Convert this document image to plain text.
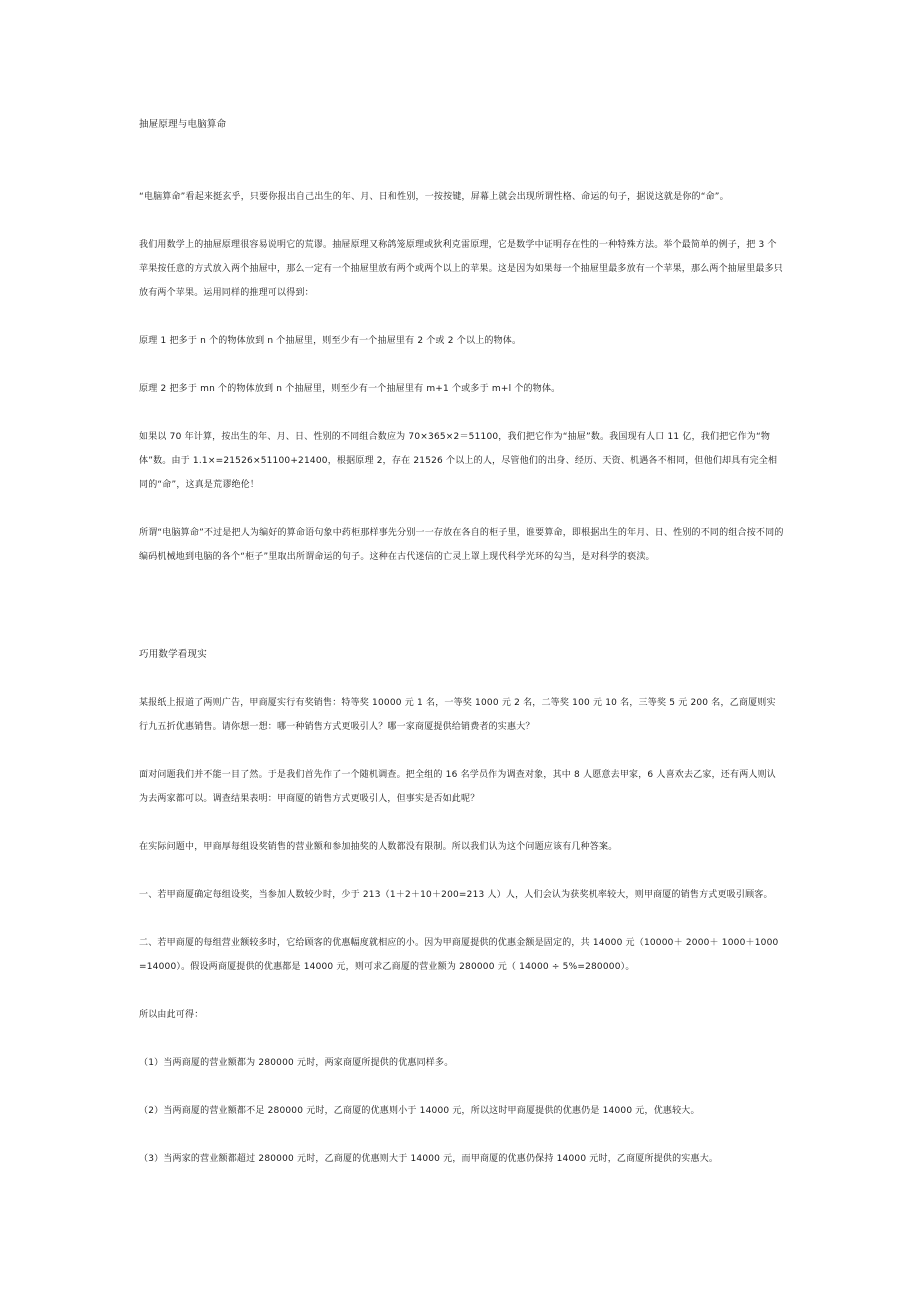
抽屉原理与电脑算命
“电脑算命”看起来挺玄乎，只要你报出自己出生的年、月、日和性别，一按按键，屏幕上就会出现所谓性格、命运的句子，据说这就是你的“命”。
我们用数学上的抽屉原理很容易说明它的荒谬。抽屉原理又称鸽笼原理或狄利克雷原理，它是数学中证明存在性的一种特殊方法。举个最简单的例子，把 3 个苹果按任意的方式放入两个抽屉中，那么一定有一个抽屉里放有两个或两个以上的苹果。这是因为如果每一个抽屉里最多放有一个苹果，那么两个抽屉里最多只放有两个苹果。运用同样的推理可以得到：
原理 1 把多于 n 个的物体放到 n 个抽屉里，则至少有一个抽屉里有 2 个或 2 个以上的物体。
原理 2 把多于 mn 个的物体放到 n 个抽屉里，则至少有一个抽屉里有 m+1 个或多于 m+l 个的物体。
如果以 70 年计算，按出生的年、月、日、性别的不同组合数应为 70×365×2＝51100，我们把它作为“抽屉”数。我国现有人口 11 亿，我们把它作为“物体”数。由于 1.1×=21526×51100+21400，根据原理 2，存在 21526 个以上的人，尽管他们的出身、经历、天资、机遇各不相同，但他们却具有完全相同的“命”，这真是荒谬绝伦！
所谓“电脑算命”不过是把人为编好的算命语句象中药柜那样事先分别一一存放在各自的柜子里，谁要算命，即根据出生的年月、日、性别的不同的组合按不同的编码机械地到电脑的各个“柜子”里取出所谓命运的句子。这种在古代迷信的亡灵上罩上现代科学光环的勾当，是对科学的亵渎。
巧用数学看现实
某报纸上报道了两则广告，甲商厦实行有奖销售：特等奖 10000 元 1 名，一等奖 1000 元 2 名，二等奖 100 元 10 名，三等奖 5 元 200 名，乙商厦则实行九五折优惠销售。请你想一想：哪一种销售方式更吸引人？哪一家商厦提供给销费者的实惠大？
面对问题我们并不能一目了然。于是我们首先作了一个随机调查。把全组的 16 名学员作为调查对象，其中 8 人愿意去甲家，6 人喜欢去乙家，还有两人则认为去两家都可以。调查结果表明：甲商厦的销售方式更吸引人，但事实是否如此呢？
在实际问题中，甲商厚每组设奖销售的营业额和参加抽奖的人数都没有限制。所以我们认为这个问题应该有几种答案。
一、若甲商厦确定每组设奖，当参加人数较少时，少于 213（1＋2＋10＋200=213 人）人，人们会认为获奖机率较大，则甲商厦的销售方式更吸引顾客。
二、若甲商厦的每组营业额较多时，它给顾客的优惠幅度就相应的小。因为甲商厦提供的优惠金额是固定的，共 14000 元（10000＋ 2000＋ 1000＋1000=14000）。假设两商厦提供的优惠都是 14000 元，则可求乙商厦的营业额为 280000 元（ 14000 ÷ 5%=280000）。
所以由此可得：
（1）当两商厦的营业额都为 280000 元时，两家商厦所提供的优惠同样多。
（2）当两商厦的营业额都不足 280000 元时，乙商厦的优惠则小于 14000 元，所以这时甲商厦提供的优惠仍是 14000 元，优惠较大。
（3）当两家的营业额都超过 280000 元时，乙商厦的优惠则大于 14000 元，而甲商厦的优惠仍保持 14000 元时，乙商厦所提供的实惠大。
